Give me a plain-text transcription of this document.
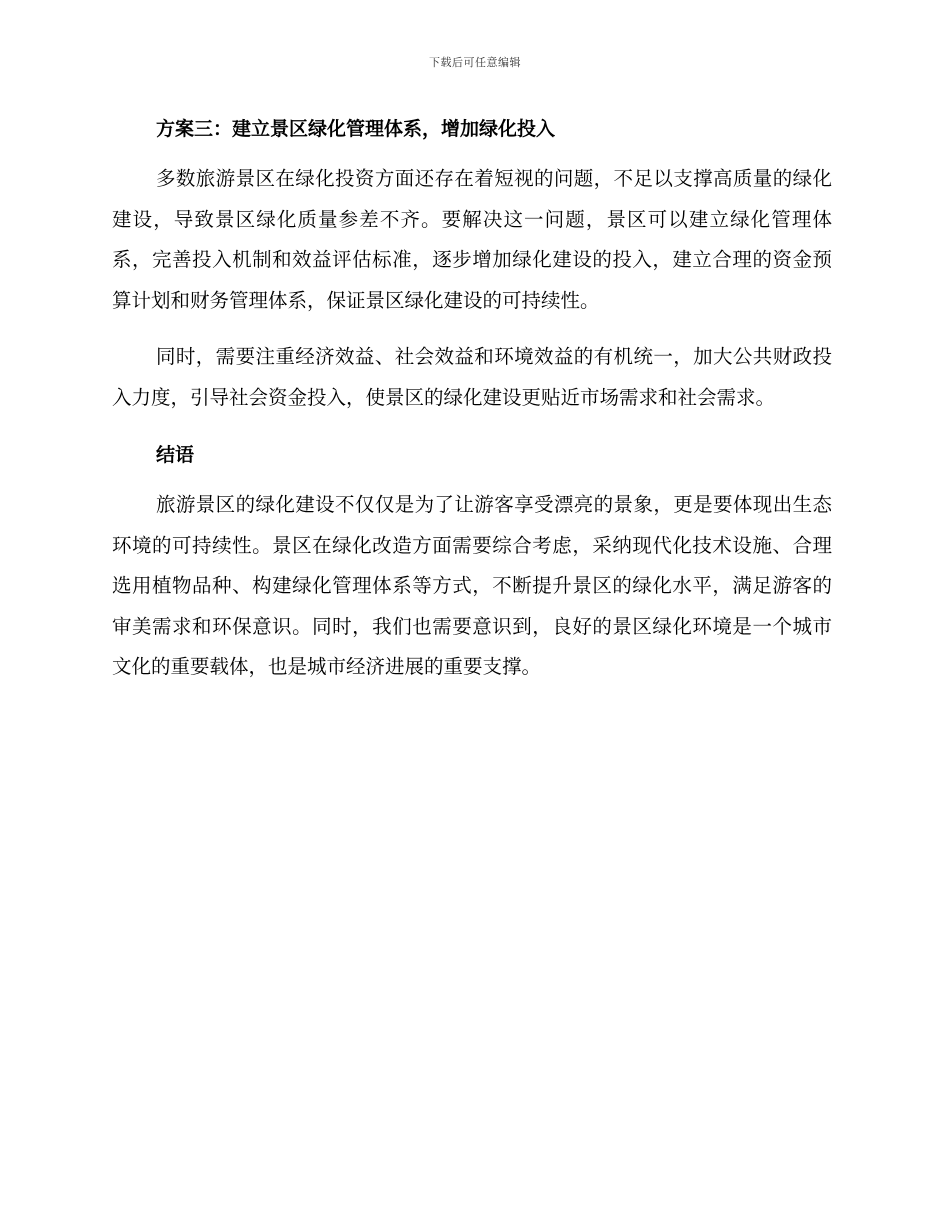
下载后可任意编辑
方案三：建立景区绿化管理体系，增加绿化投入

多数旅游景区在绿化投资方面还存在着短视的问题，不足以支撑高质量的绿化建设，导致景区绿化质量参差不齐。要解决这一问题，景区可以建立绿化管理体系，完善投入机制和效益评估标准，逐步增加绿化建设的投入，建立合理的资金预算计划和财务管理体系，保证景区绿化建设的可持续性。

同时，需要注重经济效益、社会效益和环境效益的有机统一，加大公共财政投入力度，引导社会资金投入，使景区的绿化建设更贴近市场需求和社会需求。

结语

旅游景区的绿化建设不仅仅是为了让游客享受漂亮的景象，更是要体现出生态环境的可持续性。景区在绿化改造方面需要综合考虑，采纳现代化技术设施、合理选用植物品种、构建绿化管理体系等方式，不断提升景区的绿化水平，满足游客的审美需求和环保意识。同时，我们也需要意识到，良好的景区绿化环境是一个城市文化的重要载体，也是城市经济进展的重要支撑。
